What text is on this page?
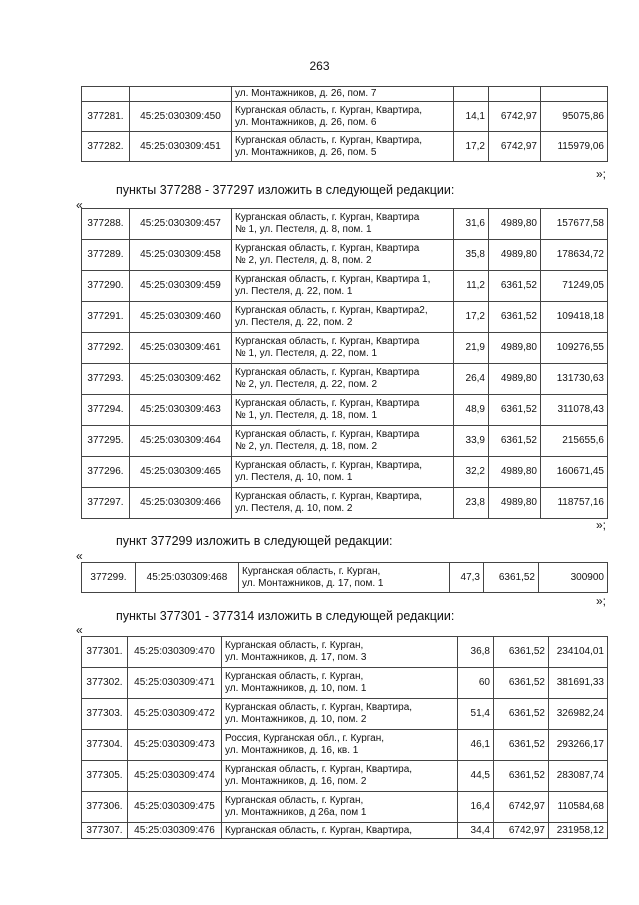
263

		ул. Монтажников, д. 26, пом. 7			

377281.	45:25:030309:450	Курганская область, г. Курган, Квартира,
ул. Монтажников, д. 26, пом. 6	14,1	6742,97	95075,86
377282.	45:25:030309:451	Курганская область, г. Курган, Квартира,
ул. Монтажников, д. 26, пом. 5	17,2	6742,97	115979,06
»;
пункты 377288 - 377297 изложить в следующей редакции:
«
377288.	45:25:030309:457	Курганская область, г. Курган, Квартира
№ 1, ул. Пестеля, д. 8, пом. 1	31,6	4989,80	157677,58
377289.	45:25:030309:458	Курганская область, г. Курган, Квартира
№ 2, ул. Пестеля, д. 8, пом. 2	35,8	4989,80	178634,72
377290.	45:25:030309:459	Курганская область, г. Курган, Квартира 1,
ул. Пестеля, д. 22, пом. 1	11,2	6361,52	71249,05
377291.	45:25:030309:460	Курганская область, г. Курган, Квартира2,
ул. Пестеля, д. 22, пом. 2	17,2	6361,52	109418,18
377292.	45:25:030309:461	Курганская область, г. Курган, Квартира
№ 1, ул. Пестеля, д. 22, пом. 1	21,9	4989,80	109276,55
377293.	45:25:030309:462	Курганская область, г. Курган, Квартира
№ 2, ул. Пестеля, д. 22, пом. 2	26,4	4989,80	131730,63
377294.	45:25:030309:463	Курганская область, г. Курган, Квартира
№ 1, ул. Пестеля, д. 18, пом. 1	48,9	6361,52	311078,43
377295.	45:25:030309:464	Курганская область, г. Курган, Квартира
№ 2, ул. Пестеля, д. 18, пом. 2	33,9	6361,52	215655,6
377296.	45:25:030309:465	Курганская область, г. Курган, Квартира,
ул. Пестеля, д. 10, пом. 1	32,2	4989,80	160671,45
377297.	45:25:030309:466	Курганская область, г. Курган, Квартира,
ул. Пестеля, д. 10, пом. 2	23,8	4989,80	118757,16
»;
пункт 377299 изложить в следующей редакции:
«
377299.	45:25:030309:468	
Курганская область, г. Курган,
ул. Монтажников, д. 17, пом. 1
	47,3	6361,52	300900
»;
пункты 377301 - 377314 изложить в следующей редакции:
«
377301.	45:25:030309:470	Курганская область, г. Курган,
ул. Монтажников, д. 17, пом. 3	36,8	6361,52	234104,01
377302.	45:25:030309:471	Курганская область, г. Курган,
ул. Монтажников, д. 10, пом. 1	60	6361,52	381691,33
377303.	45:25:030309:472	Курганская область, г. Курган, Квартира,
ул. Монтажников, д. 10, пом. 2	51,4	6361,52	326982,24
377304.	45:25:030309:473	Россия, Курганская обл., г. Курган,
ул. Монтажников, д. 16, кв. 1	46,1	6361,52	293266,17
377305.	45:25:030309:474	Курганская область, г. Курган, Квартира,
ул. Монтажников, д. 16, пом. 2	44,5	6361,52	283087,74
377306.	45:25:030309:475	Курганская область, г. Курган,
ул. Монтажников, д 26а, пом 1	16,4	6742,97	110584,68
377307.	45:25:030309:476	Курганская область, г. Курган, Квартира,	34,4	6742,97	231958,12
